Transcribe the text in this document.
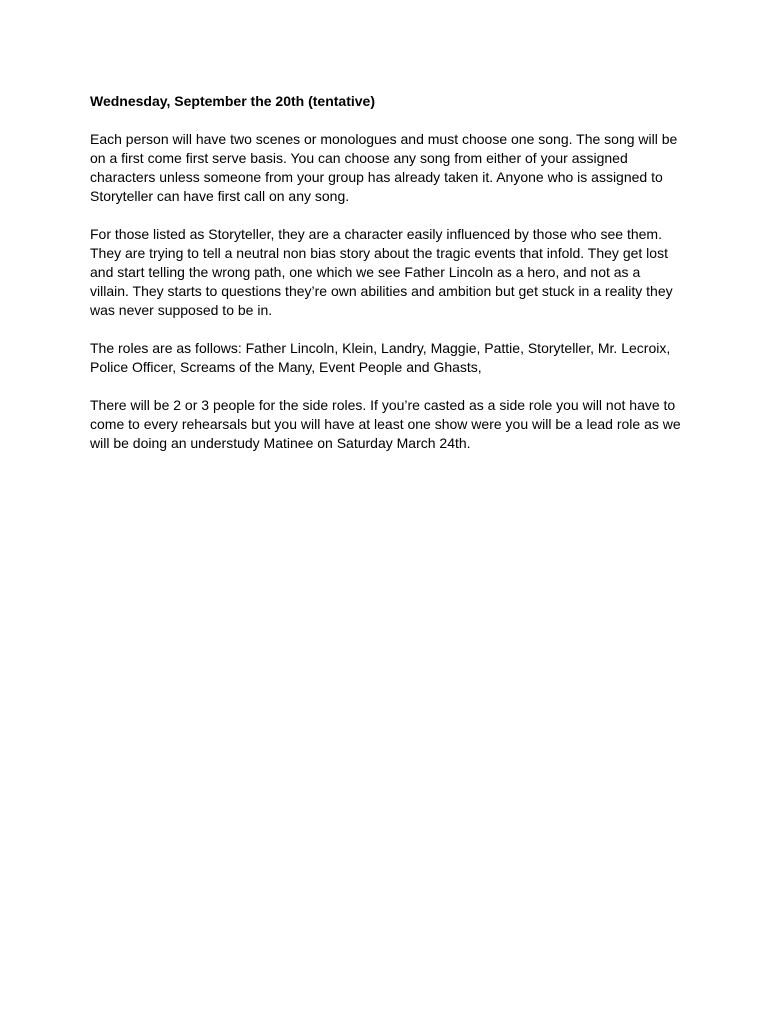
Wednesday, September the 20th (tentative)

Each person will have two scenes or monologues and must choose one song. The song will be on a first come first serve basis. You can choose any song from either of your assigned characters unless someone from your group has already taken it. Anyone who is assigned to Storyteller can have first call on any song.

For those listed as Storyteller, they are a character easily influenced by those who see them. They are trying to tell a neutral non bias story about the tragic events that infold. They get lost and start telling the wrong path, one which we see Father Lincoln as a hero, and not as a villain. They starts to questions they’re own abilities and ambition but get stuck in a reality they was never supposed to be in.

The roles are as follows: Father Lincoln, Klein, Landry, Maggie, Pattie, Storyteller, Mr. Lecroix, Police Officer, Screams of the Many, Event People and Ghasts,

There will be 2 or 3 people for the side roles. If you’re casted as a side role you will not have to come to every rehearsals but you will have at least one show were you will be a lead role as we will be doing an understudy Matinee on Saturday March 24th.
